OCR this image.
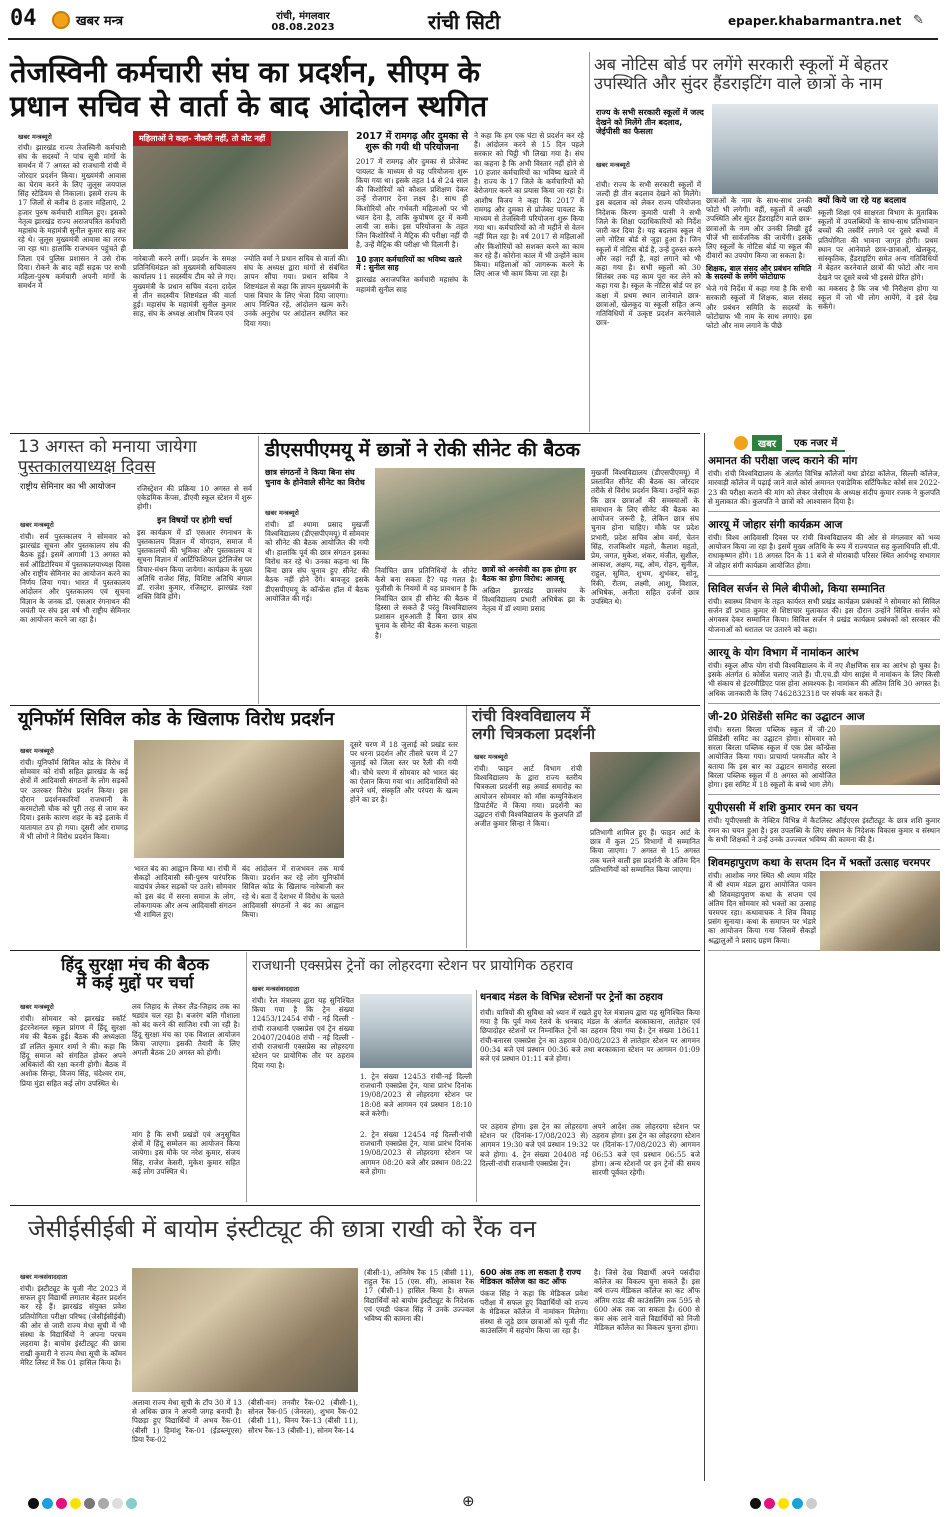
04	खबर मन्त्र	रांची, मंगलवार
08.08.2023	रांची सिटी	epaper.khabarmantra.net ✎
तेजस्विनी कर्मचारी संघ का प्रदर्शन, सीएम के
प्रधान सचिव से वार्ता के बाद आंदोलन स्थगित
खबर मन्त्रब्यूरो
रांची। झारखंड राज्य तेजस्विनी कर्मचारी संघ के सदस्यों ने पांच सूत्री मांगों के समर्थन में 7 अगस्त को राजधानी रांची में जोरदार प्रदर्शन किया। मुख्यमंत्री आवास का घेराव करने के लिए जुलूस जयपाल सिंह स्टेडियम से निकाला। इसमें राज्य के 17 जिलों से करीब 8 हजार महिलाएं, 2 हजार पुरुष कर्मचारी शामिल हुए। इसको नेतृत्व झारखंड राज्य अराजपत्रित कर्मचारी महासंघ के महामंत्री सुनील कुमार साह कर रहे थे। जुलूस मुख्यमंत्री आवास का तरफ जा रहा था। हालांकि राजभवन पहुंचते ही जिला एवं पुलिस प्रशासन ने उसे रोक दिया। रोकने के बाद वहीं सड़क पर सभी महिला-पुरुष कर्मचारी अपनी मांगों के समर्थन में
महिलाओं ने कहा- नौकरी नहीं, तो वोट नहीं
नारेबाजी करने लगीं। प्रदर्शन के समक्ष प्रतिनिधिमंडल को मुख्यमंत्री सचिवालय कार्यालय 11 सदस्यीय टीम को ले गए। मुख्यमंत्री के प्रधान सचिव वंदना दादेल से तीन सदस्यीय शिष्टमंडल की वार्ता हुई। महासंघ के महामंत्री सुनील कुमार साह, संघ के अध्यक्ष आशीष विजय एवं
ज्योति वर्मा ने प्रधान सचिव से वार्ता की। संघ के अध्यक्ष द्वारा मांगों से संबंधित ज्ञापन सौंपा गया। प्रधान सचिव ने शिष्टमंडल से कहा कि ज्ञापन मुख्यमंत्री के पास विचार के लिए भेजा दिया जाएगा। आप निश्चित रहें, आंदोलन खत्म करें। उनके अनुरोध पर आंदोलन स्थगित कर दिया गया।
2017 में रामगढ़ और दुमका से शुरू की गयी थी परियोजना
2017 में रामगढ़ और दुमका से प्रोजेक्ट पायलट के माध्यम से यह परियोजना शुरू किया गया था। इसके तहत 14 से 24 साल की किशोरियों को कौशल प्रशिक्षण देकर उन्हें रोजगार देना लक्ष्य है। साथ ही किशोरियों और गर्भवती महिलाओं पर भी ध्यान देना है, ताकि कुपोषण दूर में कमी लायी जा सके। इस परियोजना के तहत जिन किशोरियों ने मैट्रिक की परीक्षा नहीं दी है, उन्हें मैट्रिक की परीक्षा भी दिलानी है।
10 हजार कर्मचारियों का भविष्य खतरे में : सुनील साह
झारखंड अराजपत्रित कर्मचारी महासंघ के महामंत्री सुनील साह
ने कहा कि हम एक घंटा से प्रदर्शन कर रहे हैं। आंदोलन करने से 15 दिन पहले सरकार को चिट्ठी भी लिखा गया है। संघ का कहना है कि अभी विस्तार नहीं होने से 10 हजार कर्मचारियों का भविष्य खतरे में है। राज्य के 17 जिले के कर्मचारियों को बेरोजगार करने का प्रयास किया जा रहा है। आशीष विजय ने कहा कि 2017 में रामगढ़ और दुमका से प्रोजेक्ट पायलट के माध्यम से तेजस्विनी परियोजना शुरू किया गया था। कर्मचारियों को नौ महीने से वेतन नहीं मिल रहा है। वर्ष 2017 से महिलाओं और किशोरियों को सशक्त करने का काम कर रहे हैं। कोरोना काल में भी उन्होंने काम किया। महिलाओं को जागरूक करने के लिए आज भी काम किया जा रहा है।
अब नोटिस बोर्ड पर लगेंगे सरकारी स्कूलों में बेहतर
उपस्थिति और सुंदर हैंडराइटिंग वाले छात्रों के नाम
राज्य के सभी सरकारी स्कूलों में जल्द देखने को मिलेंगे तीन बदलाव, जेईपीसी का फैसला
खबर मन्त्रब्यूरो
रांची। राज्य के सभी सरकारी स्कूलों में जल्दी ही तीन बदलाव देखने को मिलेंगे। इस बदलाव को लेकर राज्य परियोजना निदेशक किरण कुमारी पासी ने सभी जिले के शिक्षा पदाधिकारियों को निर्देश जारी कर दिया है। यह बदलाव स्कूल में लगे नोटिस बोर्ड से जुड़ा हुआ है। जिन स्कूलों में नोटिस बोर्ड है, उन्हें दुरुस्त करने और जहां नहीं है, वहां लगाने को भी कहा गया है। सभी स्कूलों को 30 सितंबर तक यह काम पूरा कर लेने को कहा गया है। स्कूल के नोटिस बोर्ड पर हर कक्षा में प्रथम स्थान लानेवाले छात्र-छात्राओं, खेलकूद या स्कूली सहित अन्य गतिविधियों में उत्कृष्ट प्रदर्शन करनेवाले छात्र-
छात्राओं के नाम के साथ-साथ उनकी फोटो भी लगेगी। वहीं, स्कूलों में अच्छी उपस्थिति और सुंदर हैंडराइटिंग वाले छात्र-छात्राओं के नाम और उनकी लिखी हुई चीजें भी सार्वजनिक की जायेंगी। इसके लिए स्कूलों के नोटिस बोर्ड या स्कूल की दीवारों का उपयोग किया जा सकता है।
शिक्षक, बाल संसद और प्रबंधन समिति के सदस्यों के लगेंगे फोटोग्राफ
भेजे गये निर्देश में कहा गया है कि सभी सरकारी स्कूलों में शिक्षक, बाल संसद और प्रबंधन समिति के सदस्यों के फोटोग्राफ भी नाम के साथ लगाएं। इस फोटो और नाम लगाने के पीछे
क्यों किये जा रहे यह बदलाव
स्कूली शिक्षा एवं साक्षरता विभाग के मुताबिक स्कूलों में उपलब्धियों के साथ-साथ प्रतिभावान बच्चों की तस्वीरें लगाने पर दूसरे बच्चों में प्रतियोगिता की भावना जागृत होगी। प्रथम स्थान पर आनेवाले छात्र-छात्राओं, खेलकूद, सांस्कृतिक, हैंडराइटिंग समेत अन्य गतिविधियों में बेहतर करनेवाले छात्रों की फोटो और नाम देखने पर दूसरे बच्चे भी इससे प्रेरित होंगे।
का मकसद है कि जब भी निरीक्षण होगा या स्कूल में जो भी लोग आयेंगे, वे इसे देख सकेंगे।
13 अगस्त को मनाया जायेगा
पुस्तकालयाध्यक्ष दिवस
राष्ट्रीय सेमिनार का भी आयोजन
खबर मन्त्रब्यूरो
रांची। सर्व पुस्तकालय ने सोमवार को झारखंड सूचना और पुस्तकालय संघ की बैठक हुई। इसमें आगामी 13 अगस्त को सर्व ऑडिटोरियम में पुस्तकालयाध्यक्ष दिवस और राष्ट्रीय सेमिनार का आयोजन करने का निर्णय लिया गया। भारत में पुस्तकालय आंदोलन और पुस्तकालय एवं सूचना विज्ञान के जनक डॉ. एसआर रंगनाथन की जयंती पर संघ इस वर्ष भी राष्ट्रीय सेमिनार का आयोजन करने जा रहा है।
रजिस्ट्रेशन की प्रक्रिया 10 अगस्त से सर्व एकेडमिक केंपस, डीएवी स्कूल स्टेशन में शुरू होगी।
इन विषयों पर होगी चर्चा
इस कार्यक्रम में डॉ एसआर रंगनाथन के पुस्तकालय विज्ञान में योगदान, समाज में पुस्तकालयों की भूमिका और पुस्तकालय व सूचना विज्ञान में आर्टिफिशियल इंटेलिजेंस पर विचार-मंथन किया जायेगा। कार्यक्रम के मुख्य अतिथि राजेश सिंह, विशिष्ट अतिथि बंगाल डॉ. राजेश कुमार, रजिस्ट्रार, झारखंड रक्षा शक्ति विवि होंगे।
डीएसपीएमयू में छात्रों ने रोकी सीनेट की बैठक
छात्र संगठनों ने किया बिना संघ चुनाव के होनेवाले सीनेट का विरोध
खबर मन्त्रब्यूरो
रांची। डॉ श्यामा प्रसाद मुखर्जी विश्वविद्यालय (डीएसपीएमयू) में सोमवार को सीनेट की बैठक आयोजित की गयी थी। हालांकि पूर्व की छात्र संगठन इसका विरोध कर रहे थे। उनका कहना था कि बिना छात्र संघ चुनाव हुए सीनेट की बैठक नहीं होने देंगे। बावजूद इसके डीएसपीएमयू के कॉन्फ्रेंस हॉल में बैठक आयोजित की गई।
निर्वाचित छात्र प्रतिनिधियों के सीनेट कैसे बना सकता है? यह गलत है। यूजीसी के नियमों में यह प्रावधान है कि निर्वाचित छात्र ही सीनेट की बैठक में हिस्सा ले सकते हैं परंतु विश्वविद्यालय प्रशासन शुरुआती हैं बिना छात्र संघ चुनाव के सीनेट की बैठक करना चाहता है।
छात्रों को अनसेवी का हक होगा हर बैठक का होगा विरोध: आजसू
अखिल झारखंड छात्रसंघ के विश्वविद्यालय प्रभारी अभिषेक झा के नेतृत्व में डॉ श्यामा प्रसाद
मुखर्जी विश्वविद्यालय (डीएसपीएमयू) में प्रस्तावित सीनेट की बैठक का जोरदार तरीके से विरोध प्रदर्शन किया। उन्होंने कहा कि छात्र छात्राओं की समस्याओं के समाधान के लिए सीनेट की बैठक का आयोजन जरूरी है, लेकिन छात्र संघ चुनाव होना चाहिए। मौके पर प्रदेश प्रभारी, प्रदेश सचिव ओम वर्मा, चेतन सिंह, राजकिशोर महतो, कैलाश महतो, प्रेम, जगत, मुकेश, शंकर, मंजीत, सुशील, आकाश, अक्षय, मद्द, ओम, रोहन, सुनील, राहुल, सुमित, शुभम, शुभंकर, सोनू, रिंकी, रीतम, लक्ष्मी, आशू, विशाल, अभिषेक, अनीता सहित दर्जनों छात्र उपस्थित थे।
यूनिफॉर्म सिविल कोड के खिलाफ विरोध प्रदर्शन
खबर मन्त्रब्यूरो
रांची। यूनिफॉर्म सिविल कोड के विरोध में सोमवार को रांची सहित झारखंड के कई क्षेत्रों में आदिवासी संगठनों के लोग सड़कों पर उतरकर विरोध प्रदर्शन किया। इस दौरान प्रदर्शनकारियों राजधानी के करमटोली चौक को पूरी तरह से जाम कर दिया। इसके कारण शहर के बड़े इलाके में यातायात ठप हो गया। दूसरी ओर रामगढ़ में भी लोगों ने विरोध प्रदर्शन किया।
भारत बंद का आह्वान किया था। रांची में सैकड़ों आदिवासी स्त्री-पुरुष पारंपरिक वाद्ययंत्र लेकर सड़कों पर उतरे। सोमवार को इस बंद में सरना समाज के लोग, लोकगायक और अन्य आदिवासी संगठन भी शामिल हुए।
बंद आंदोलन में राजभवन तक मार्च किया। प्रदर्शन कर रहे लोग यूनिफॉर्म सिविल कोड के खिलाफ नारेबाजी कर रहे थे। बता दें देशभर में विरोध के चलते आदिवासी संगठनों ने बंद का आह्वान किया।
दूसरे चरण में 18 जुलाई को प्रखंड स्तर पर धरना प्रदर्शन और तीसरे चरण में 27 जुलाई को जिला स्तर पर रैली की गयी थी। चौथे चरण में सोमवार को भारत बंद का ऐलान किया गया था। आदिवासियों को अपने धर्म, संस्कृति और परंपरा के खत्म होने का डर है।
रांची विश्वविद्यालय में
लगी चित्रकला प्रदर्शनी
खबर मन्त्रब्यूरो
रांची। फाइन आर्ट विभाग रांची विश्वविद्यालय के द्वारा राज्य स्तरीय चित्रकला प्रदर्शनी सह अवार्ड समारोह का आयोजन सोमवार को मॉस कम्युनिकेशन डिपार्टमेंट में किया गया। प्रदर्शनी का उद्घाटन रांची विश्वविद्यालय के कुलपति डॉ अजीत कुमार सिन्हा ने किया।
प्रतिभागी शामिल हुए हैं। फाइन आर्ट के छात्र में कुल 25 विभागों में सम्मानित किया जाएगा। 7 अगस्त से 15 अगस्त तक चलने वाली इस प्रदर्शनी के अंतिम दिन प्रतिभागियों को सम्मानित किया जाएगा।
हिंदू सुरक्षा मंच की बैठक
में कई मुद्दों पर चर्चा
खबर मन्त्रब्यूरो
रांची। सोमवार को झारखंड स्कॉर्ट इंटरनेशनल स्कूल प्रांगण में हिंदू सुरक्षा मंच की बैठक हुई। बैठक की अध्यक्षता डॉ ललित कुमार शर्मा ने की। कहा कि हिंदू समाज को संगठित होकर अपने अधिकारों की रक्षा करनी होगी। बैठक में अशोक सिन्हा, विजय सिंह, चंदेश्वर राम, प्रिया मुंडा सहित कई लोग उपस्थित थे।
लव जिहाद के लेकर लैंड-जिहाद तक का षड्यंत्र चल रहा है। बजरंग बलि गौशाला को बंद करने की साजिश रची जा रही है। हिंदू सुरक्षा मंच का एक विशाल आयोजन किया जाएगा। इसकी तैयारी के लिए अगली बैठक 20 अगस्त को होगी।
मांग है कि सभी प्रखंडों एवं अनुसूचित क्षेत्रों में हिंदू सम्मेलन का आयोजन किया जायेगा। इस मौके पर नरेश कुमार, संजय सिंह, राजेश केसरी, मुकेश कुमार सहित कई लोग उपस्थित थे।
राजधानी एक्सप्रेस ट्रेनों का लोहरदगा स्टेशन पर प्रायोगिक ठहराव
खबर मन्त्रसंवाददाता
रांची। रेल मंत्रालय द्वारा यह सुनिश्चित किया गया है कि ट्रेन संख्या 12453/12454 रांची - नई दिल्ली - रांची राजधानी एक्सप्रेस एवं ट्रेन संख्या 20407/20408 रांची - नई दिल्ली - रांची राजधानी एक्सप्रेस का लोहरदगा स्टेशन पर प्रायोगिक तौर पर ठहराव दिया गया है।
1. ट्रेन संख्या 12453 रांची-नई दिल्ली राजधानी एक्सप्रेस ट्रेन, यात्रा प्रारंभ दिनांक 19/08/2023 से लोहरदगा स्टेशन पर 18:08 बजे आगमन एवं प्रस्थान 18:10 बजे करेगी।
2. ट्रेन संख्या 12454 नई दिल्ली-रांची राजधानी एक्सप्रेस ट्रेन, यात्रा प्रारंभ दिनांक 19/08/2023 से लोहरदगा स्टेशन पर आगमन 08:20 बजे और प्रस्थान 08:22 बजे होगा।
धनबाद मंडल के विभिन्न स्टेशनों पर ट्रेनों का ठहराव
रांची। यात्रियों की सुविधा को ध्यान में रखते हुए रेल मंत्रालय द्वारा यह सुनिश्चित किया गया है कि पूर्व मध्य रेलवे के धनबाद मंडल के अंतर्गत बरकाकाना, लातेहार एवं छिपादोहर स्टेशनों पर निम्नांकित ट्रेनों का ठहराव दिया गया है। ट्रेन संख्या 18611 रांची-बनारस एक्सप्रेस ट्रेन का ठहराव 08/08/2023 से लातेहार स्टेशन पर आगमन 00:34 बजे एवं प्रस्थान 00:36 बजे तथा बरकाकाना स्टेशन पर आगमन 01:09 बजे एवं प्रस्थान 01:11 बजे होगा।
पर ठहराव होगा। इस ट्रेन का लोहरदगा स्टेशन पर (दिनांक-17/08/2023 से) आगमन 19:30 बजे एवं प्रस्थान 19:32 बजे होगा। 4. ट्रेन संख्या 20408 नई दिल्ली-रांची राजधानी एक्सप्रेस ट्रेन।
अपने आदेश तक लोहरदगा स्टेशन पर ठहराव होगा। इस ट्रेन का लोहरदगा स्टेशन पर (दिनांक-17/08/2023 से) आगमन 06:53 बजे एवं प्रस्थान 06:55 बजे होगा। अन्य स्टेशनों पर इन ट्रेनों की समय सारणी पूर्ववत रहेगी।
जेसीईसीईबी में बायोम इंस्टीट्यूट की छात्रा राखी को रैंक वन
खबर मन्त्रसंवाददाता
रांची। इंस्टीट्यूट के यूजी नीट 2023 में सफल हुए विद्यार्थी लगातार बेहतर प्रदर्शन कर रहे हैं। झारखंड संयुक्त प्रवेश प्रतियोगिता परीक्षा परिषद (जेसीईसीईबी) की ओर से जारी राज्य मेधा सूची में भी संस्था के विद्यार्थियों ने अपना परचम लहराया है। बायोम इंस्टीट्यूट की छात्रा राखी कुमारी ने राज्य मेधा सूची के कॉमन मेरिट लिस्ट में रैंक 01 हासिल किया है।
अलावा राज्य मेधा सूची के टॉप 30 में 13 से अधिक छात्र ने अपनी जगह बनायी है। पिछड़ा हुए विद्यार्थियों में अभय रैंक-01 (बीसी 1) हिमांशु रैंक-01 (ईडब्ल्यूएस) प्रिया रैंक-02
(बीसी-वन) तनवीर रैंक-02 (बीसी-1), सोनल रैंक-05 (जेनरल), शुभम रैंक-02 (बीसी 11), विनय रैंक-13 (बीसी 11), सौरभ रैंक-13 (बीसी-1), सोनम रैंक-14
(बीसी-1), अनिमेष रैंक 15 (बीसी 11), राहुल रैंक 15 (एस. सी), आकाश रैंक 17 (बीसी-1) हासिल किया है। सफल विद्यार्थियों को बायोम इंस्टीट्यूट के निदेशक एवं एमडी पंकज सिंह ने उनके उज्ज्वल भविष्य की कामना की।
600 अंक तक ला सकता है राज्य मेडिकल कॉलेज का कट ऑफ
पंकज सिंह ने कहा कि मेडिकल प्रवेश परीक्षा में सफल हुए विद्यार्थियों को राज्य के मेडिकल कॉलेज में नामांकन मिलेगा। संस्था से जुड़े छात्र छात्राओं को यूजी नीट काउंसलिंग में सहयोग किया जा रहा है।
है। जिसे देख विद्यार्थी अपने पसंदीदा कॉलेज का विकल्प चुना सकते हैं। इस वर्ष राज्य मेडिकल कॉलेज का कट ऑफ अंतिम राउंड की काउंसलिंग तक 595 से 600 अंक तक जा सकता है। 600 से कम अंक लाने वाले विद्यार्थियों को निजी मेडिकल कॉलेज का विकल्प चुनना होगा।
खबर	एक नजर में
अमानत की परीक्षा जल्द कराने की मांग
रांची। रांची विश्वविद्यालय के अंतर्गत विभिन्न कॉलेजों यथा डोरंडा कॉलेज, सिल्ली कॉलेज, मारवाड़ी कॉलेज में पढ़ाई जाने वाले कोर्स अमानत एवाडेमिक सर्टिफिकेट कोर्स सत्र 2022-23 की परीक्षा कराने की मांग को लेकर जेसीएम के अध्यक्ष संदीप कुमार रजक ने कुलपति से मुलाकात की। कुलपति ने छात्रों को आश्वासन दिया है।
आरयू में जोहार संगी कार्यक्रम आज
रांची। विश्व आदिवासी दिवस पर रांची विश्वविद्यालय की ओर से मंगलवार को भव्य आयोजन किया जा रहा है। इसमें मुख्य अतिथि के रूप में राज्यपाल सह कुलाधिपति सी.पी. राधाकृष्णन होंगे। 18 अगस्त दिन के 11 बजे से मोराबादी परिसर स्थित आर्यभट्ट सभागार में जोहार संगी कार्यक्रम आयोजित होगा।
सिविल सर्जन से मिले बीपीओ, किया सम्मानित
रांची। स्वास्थ्य विभाग के तहत कार्यरत सभी प्रखंड कार्यक्रम प्रबंधकों ने सोमवार को सिविल सर्जन डॉ प्रभात कुमार से शिष्टाचार मुलाकात की। इस दौरान उन्होंने सिविल सर्जन को अंगवस्त्र देकर सम्मानित किया। सिविल सर्जन ने प्रखंड कार्यक्रम प्रबंधकों को सरकार की योजनाओं को धरातल पर उतारने को कहा।
आरयू के योग विभाग में नामांकन आरंभ
रांची। स्कूल ऑफ योग रांची विश्वविद्यालय के में नए शैक्षणिक सत्र का आरंभ हो चुका है। इसके अंतर्गत 6 कोर्सेज चलाए जाते हैं। पी.एच.डी योग साइंस में नामांकन के लिए किसी भी संकाय से इंटरमीडिएट पास होना आवश्यक है। नामांकन की अंतिम तिथि 30 अगस्त है। अधिक जानकारी के लिए 7462832318 पर संपर्क कर सकते हैं।
जी-20 प्रेसिडेंसी समिट का उद्घाटन आज
रांची। सरला बिरला पब्लिक स्कूल में जी-20 प्रेसिडेंसी समिट का उद्घाटन होगा। सोमवार को सरला बिरला पब्लिक स्कूल में एक प्रेस कॉन्फ्रेंस आयोजित किया गया। प्राचार्या परमजीत कौर ने बताया कि इस बार का उद्घाटन समारोह सरला बिरला पब्लिक स्कूल में 8 अगस्त को आयोजित होगा। इस समिट में 18 स्कूलों के बच्चे भाग लेंगे।
यूपीएससी में शशि कुमार रमन का चयन
रांची। यूपीएससी के नेक्टिव विभिन्न में कैटलिस्ट ऑईएएस इंस्टीट्यूट के छात्र शशि कुमार रमन का चयन हुआ है। इस उपलब्धि के लिए संस्थान के निदेशक विकास कुमार व संस्थान के सभी शिक्षकों ने उन्हें उनके उज्ज्वल भविष्य की कामना की है।
शिवमहापुराण कथा के सप्तम दिन में भक्तों उत्साह चरमपर
रांची। आशोक नगर स्थित श्री श्याम मंदिर में श्री श्याम मंडल द्वारा आयोजित पावन श्री शिवमहापुराण कथा के सप्तम एवं अंतिम दिन सोमवार को भक्तों का उत्साह चरमपर रहा। कथावाचक ने शिव विवाह प्रसंग सुनाया। कथा के समापन पर भंडारे का आयोजन किया गया जिसमें सैकड़ों श्रद्धालुओं ने प्रसाद ग्रहण किया।
⊕
